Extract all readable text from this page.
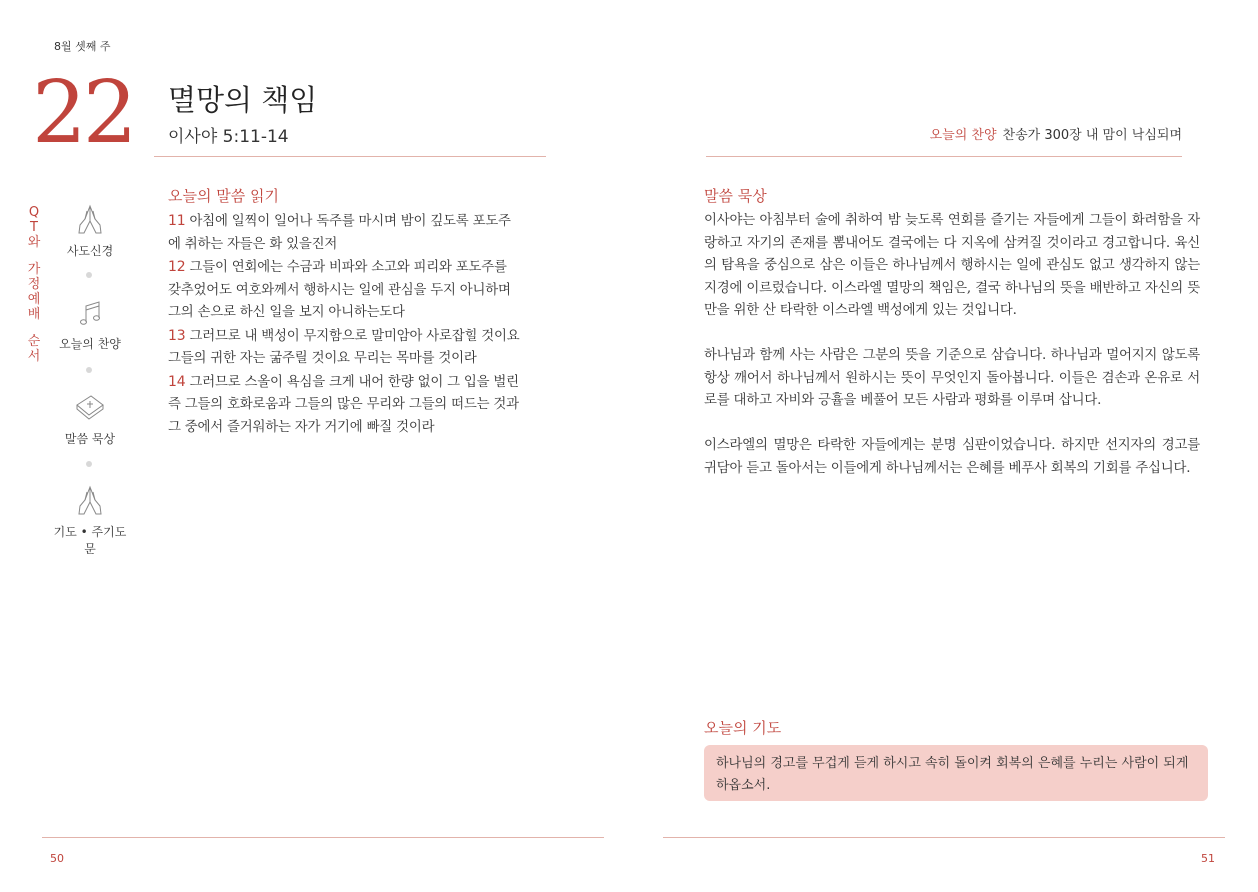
8월 셋째 주
22 멸망의 책임
이사야 5:11-14	오늘의 찬양 찬송가 300장 내 맘이 낙심되며
Q
T
와
가
정
예
배
순
서
사도신경
오늘의 찬양
말씀 묵상
기도 • 주기도문
오늘의 말씀 읽기
11 아침에 일찍이 일어나 독주를 마시며 밤이 깊도록 포도주
에 취하는 자들은 화 있을진저
12 그들이 연회에는 수금과 비파와 소고와 피리와 포도주를
갖추었어도 여호와께서 행하시는 일에 관심을 두지 아니하며
그의 손으로 하신 일을 보지 아니하는도다
13 그러므로 내 백성이 무지함으로 말미암아 사로잡힐 것이요
그들의 귀한 자는 굶주릴 것이요 무리는 목마를 것이라
14 그러므로 스올이 욕심을 크게 내어 한량 없이 그 입을 벌린
즉 그들의 호화로움과 그들의 많은 무리와 그들의 떠드는 것과
그 중에서 즐거워하는 자가 거기에 빠질 것이라
말씀 묵상

이사야는 아침부터 술에 취하여 밤 늦도록 연회를 즐기는 자들에게 그들이 화려함을 자랑하고 자기의 존재를 뽐내어도 결국에는 다 지옥에 삼켜질 것이라고 경고합니다. 육신의 탐욕을 중심으로 삼은 이들은 하나님께서 행하시는 일에 관심도 없고 생각하지 않는 지경에 이르렀습니다. 이스라엘 멸망의 책임은, 결국 하나님의 뜻을 배반하고 자신의 뜻만을 위한 산 타락한 이스라엘 백성에게 있는 것입니다.

하나님과 함께 사는 사람은 그분의 뜻을 기준으로 삼습니다. 하나님과 멀어지지 않도록 항상 깨어서 하나님께서 원하시는 뜻이 무엇인지 돌아봅니다. 이들은 겸손과 온유로 서로를 대하고 자비와 긍휼을 베풀어 모든 사람과 평화를 이루며 삽니다.

이스라엘의 멸망은 타락한 자들에게는 분명 심판이었습니다. 하지만 선지자의 경고를 귀담아 듣고 돌아서는 이들에게 하나님께서는 은혜를 베푸사 회복의 기회를 주십니다.

오늘의 기도
하나님의 경고를 무겁게 듣게 하시고 속히 돌이켜 회복의 은혜를 누리는 사람이 되게 하옵소서.
50	51
